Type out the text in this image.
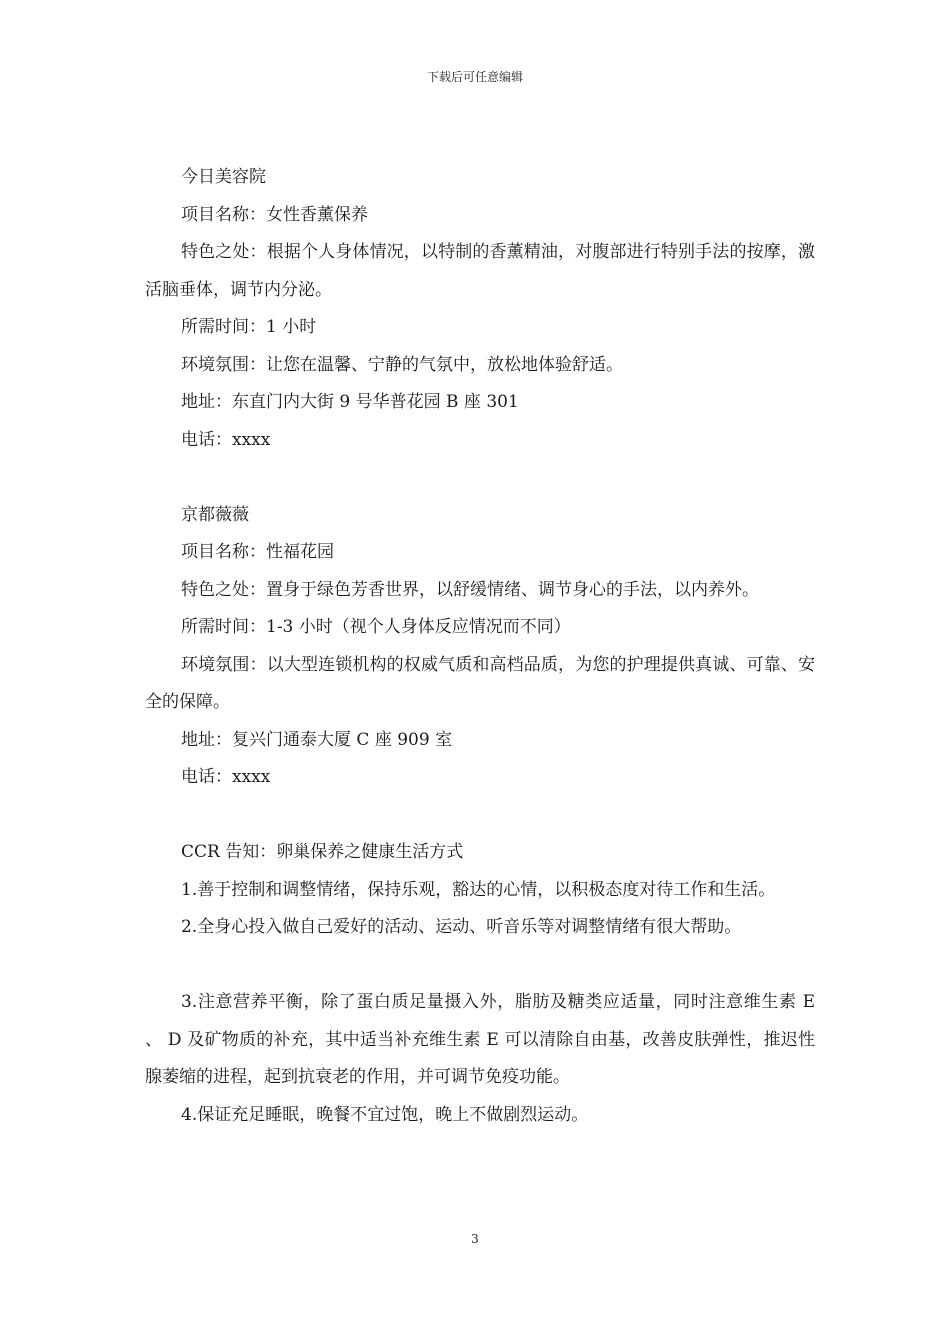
下载后可任意编辑

今日美容院

项目名称：女性香薰保养

特色之处：根据个人身体情况，以特制的香薰精油，对腹部进行特别手法的按摩，激活脑垂体，调节内分泌。

所需时间：1 小时

环境氛围：让您在温馨、宁静的气氛中，放松地体验舒适。

地址：东直门内大街 9 号华普花园 B 座 301

电话：xxxx

京都薇薇

项目名称：性福花园

特色之处：置身于绿色芳香世界，以舒缓情绪、调节身心的手法，以内养外。

所需时间：1-3 小时（视个人身体反应情况而不同）

环境氛围：以大型连锁机构的权威气质和高档品质，为您的护理提供真诚、可靠、安全的保障。

地址：复兴门通泰大厦 C 座 909 室

电话：xxxx

CCR 告知：卵巢保养之健康生活方式

1.善于控制和调整情绪，保持乐观，豁达的心情，以积极态度对待工作和生活。

2.全身心投入做自己爱好的活动、运动、听音乐等对调整情绪有很大帮助。

3.注意营养平衡，除了蛋白质足量摄入外，脂肪及糖类应适量，同时注意维生素 E 、 D 及矿物质的补充，其中适当补充维生素 E 可以清除自由基，改善皮肤弹性，推迟性腺萎缩的进程，起到抗衰老的作用，并可调节免疫功能。

4.保证充足睡眠，晚餐不宜过饱，晚上不做剧烈运动。

3
